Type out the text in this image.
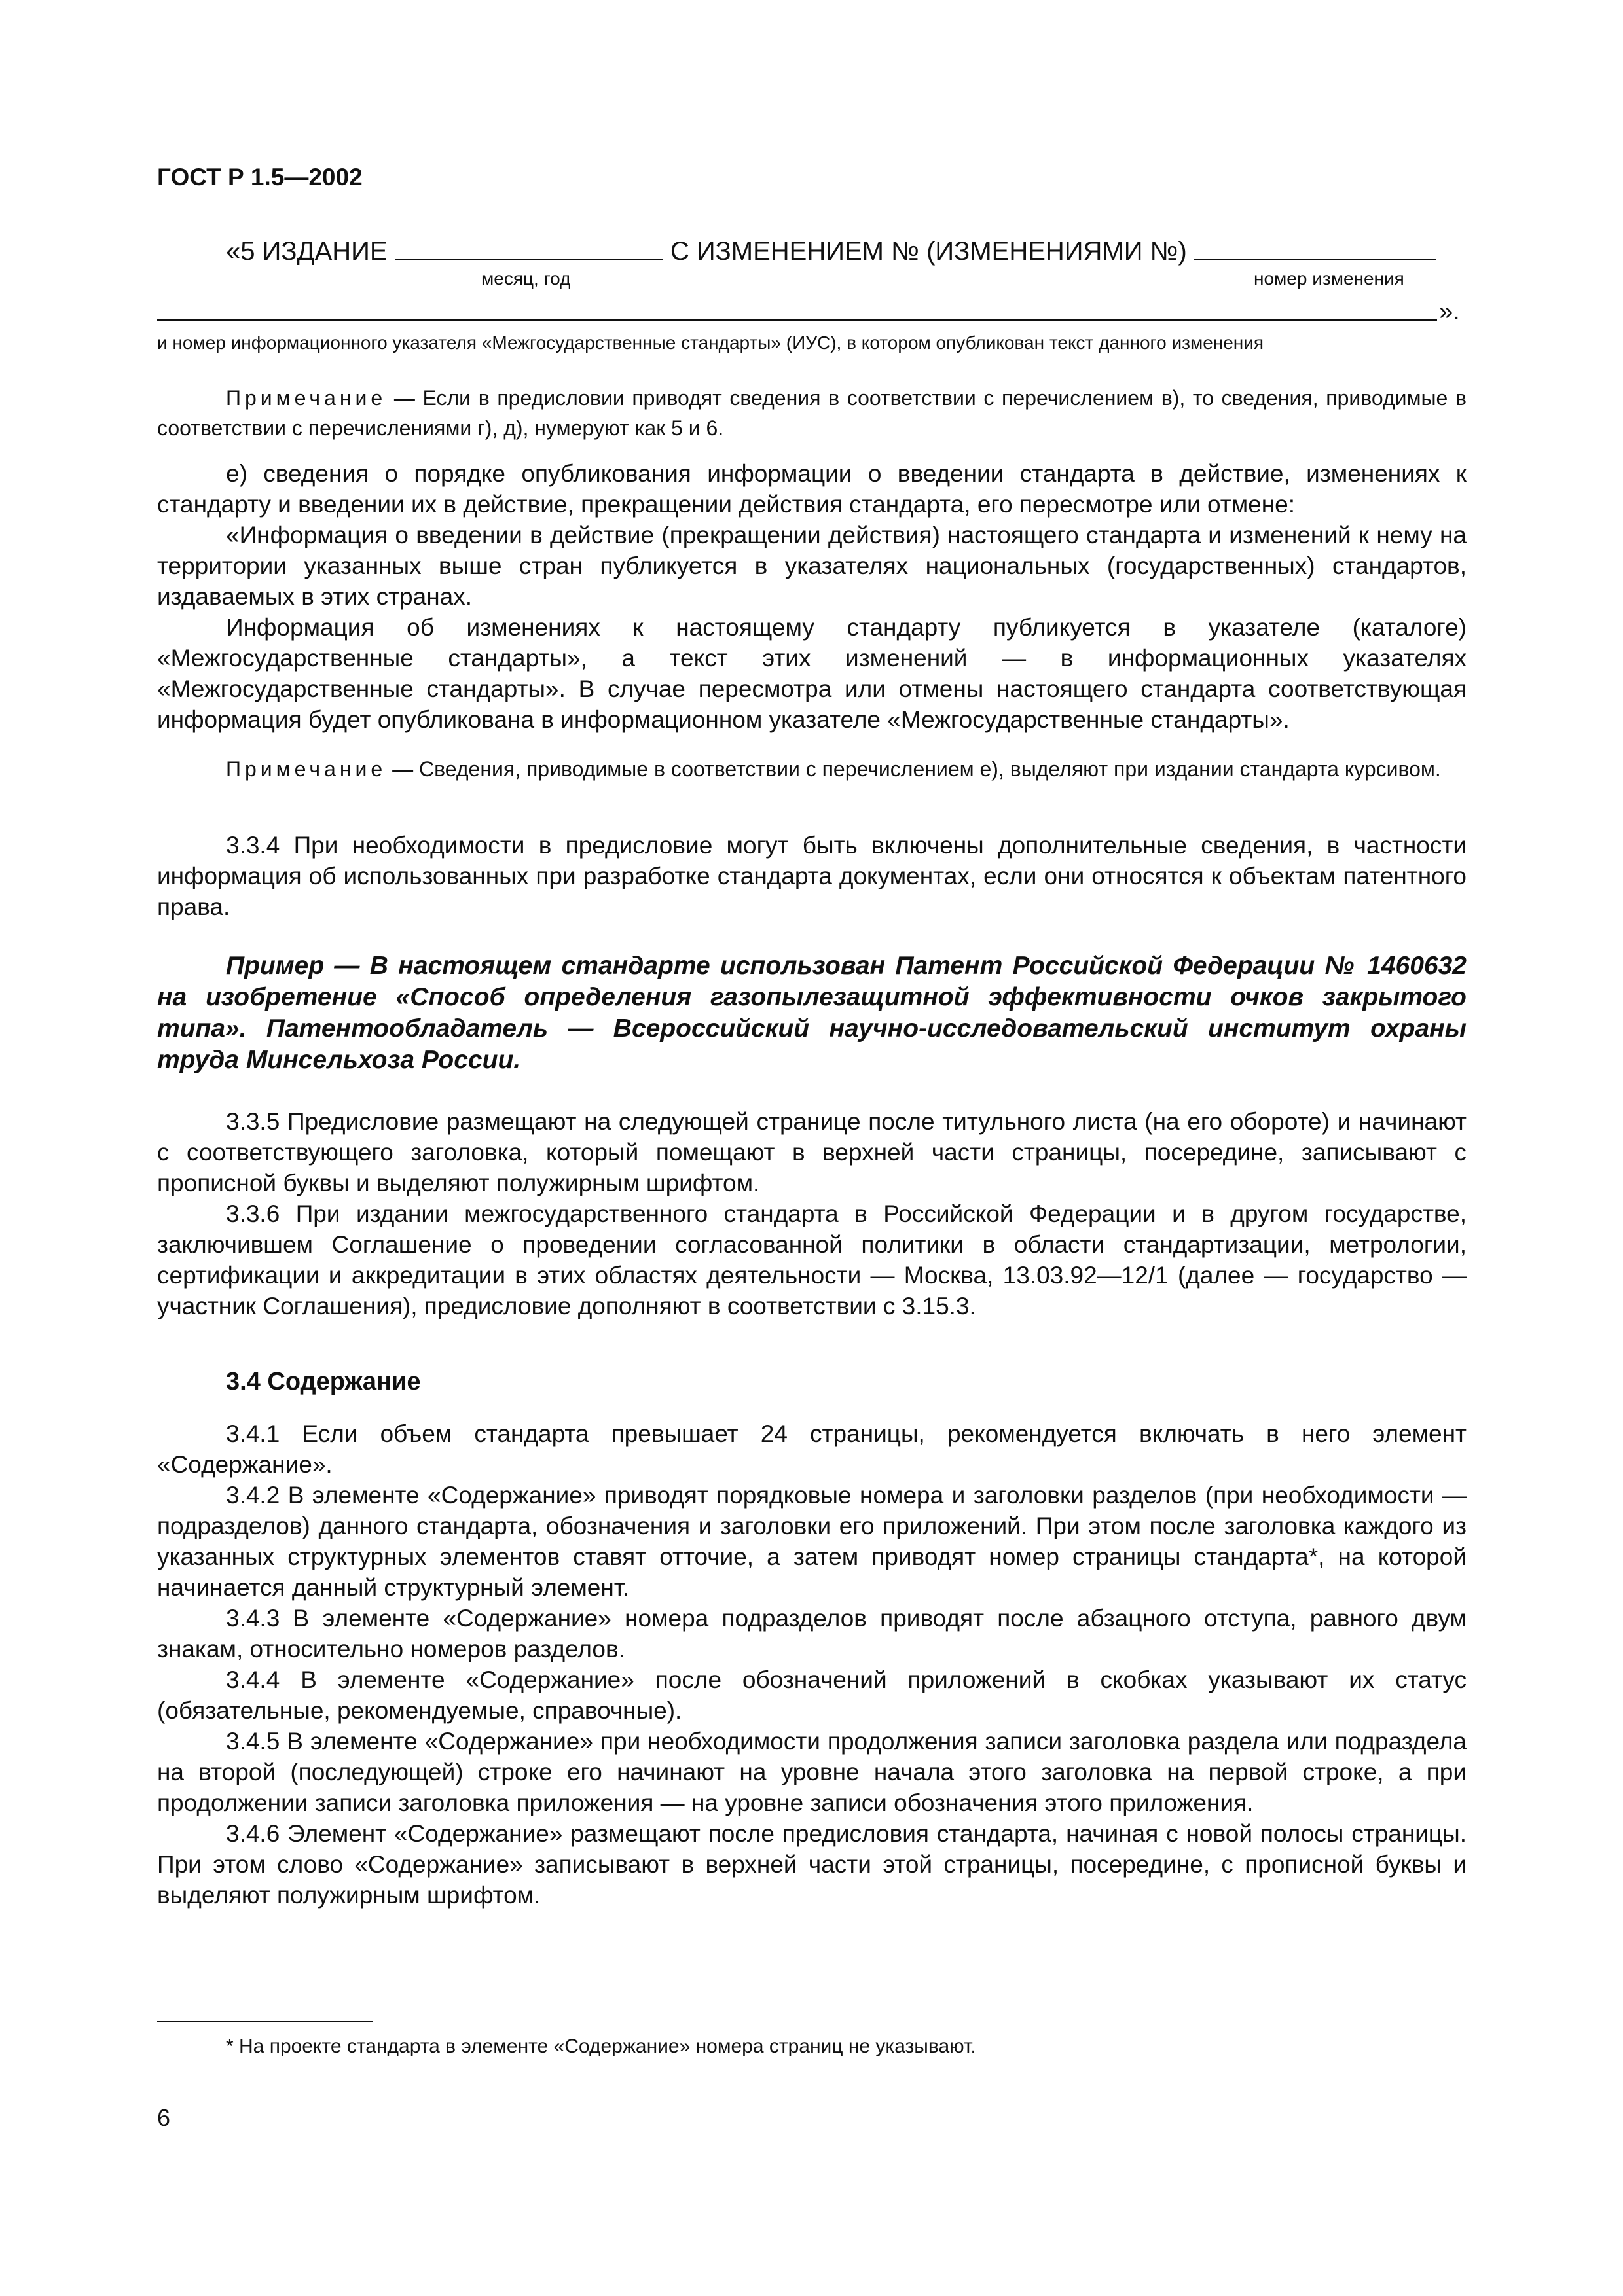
ГОСТ Р 1.5—2002

«5 ИЗДАНИЕ	С ИЗМЕНЕНИЕМ № (ИЗМЕНЕНИЯМИ №)

месяц, год	номер изменения

».

и номер информационного указателя «Межгосударственные стандарты» (ИУС), в котором опубликован текст данного изменения

Примечание — Если в предисловии приводят сведения в соответствии с перечислением в), то сведения, приводимые в соответствии с перечислениями г), д), нумеруют как 5 и 6.

е) сведения о порядке опубликования информации о введении стандарта в действие, изменениях к стандарту и введении их в действие, прекращении действия стандарта, его пересмотре или отмене:

«Информация о введении в действие (прекращении действия) настоящего стандарта и изменений к нему на территории указанных выше стран публикуется в указателях национальных (государственных) стандартов, издаваемых в этих странах.

Информация об изменениях к настоящему стандарту публикуется в указателе (каталоге) «Межгосударственные стандарты», а текст этих изменений — в информационных указателях «Межгосударственные стандарты». В случае пересмотра или отмены настоящего стандарта соответствующая информация будет опубликована в информационном указателе «Межгосударственные стандарты».

Примечание — Сведения, приводимые в соответствии с перечислением е), выделяют при издании стандарта курсивом.

3.3.4 При необходимости в предисловие могут быть включены дополнительные сведения, в частности информация об использованных при разработке стандарта документах, если они относятся к объектам патентного права.

Пример — В настоящем стандарте использован Патент Российской Федерации № 1460632 на изобретение «Способ определения газопылезащитной эффективности очков закрытого типа». Патентообладатель — Всероссийский научно-исследовательский институт охраны труда Минсельхоза России.

3.3.5 Предисловие размещают на следующей странице после титульного листа (на его обороте) и начинают с соответствующего заголовка, который помещают в верхней части страницы, посередине, записывают с прописной буквы и выделяют полужирным шрифтом.

3.3.6 При издании межгосударственного стандарта в Российской Федерации и в другом государстве, заключившем Соглашение о проведении согласованной политики в области стандартизации, метрологии, сертификации и аккредитации в этих областях деятельности — Москва, 13.03.92—12/1 (далее — государство — участник Соглашения), предисловие дополняют в соответствии с 3.15.3.

3.4 Содержание

3.4.1 Если объем стандарта превышает 24 страницы, рекомендуется включать в него элемент «Содержание».

3.4.2 В элементе «Содержание» приводят порядковые номера и заголовки разделов (при необходимости — подразделов) данного стандарта, обозначения и заголовки его приложений. При этом после заголовка каждого из указанных структурных элементов ставят отточие, а затем приводят номер страницы стандарта*, на которой начинается данный структурный элемент.

3.4.3 В элементе «Содержание» номера подразделов приводят после абзацного отступа, равного двум знакам, относительно номеров разделов.

3.4.4 В элементе «Содержание» после обозначений приложений в скобках указывают их статус (обязательные, рекомендуемые, справочные).

3.4.5 В элементе «Содержание» при необходимости продолжения записи заголовка раздела или подраздела на второй (последующей) строке его начинают на уровне начала этого заголовка на первой строке, а при продолжении записи заголовка приложения — на уровне записи обозначения этого приложения.

3.4.6 Элемент «Содержание» размещают после предисловия стандарта, начиная с новой полосы страницы. При этом слово «Содержание» записывают в верхней части этой страницы, посередине, с прописной буквы и выделяют полужирным шрифтом.

* На проекте стандарта в элементе «Содержание» номера страниц не указывают.

6
